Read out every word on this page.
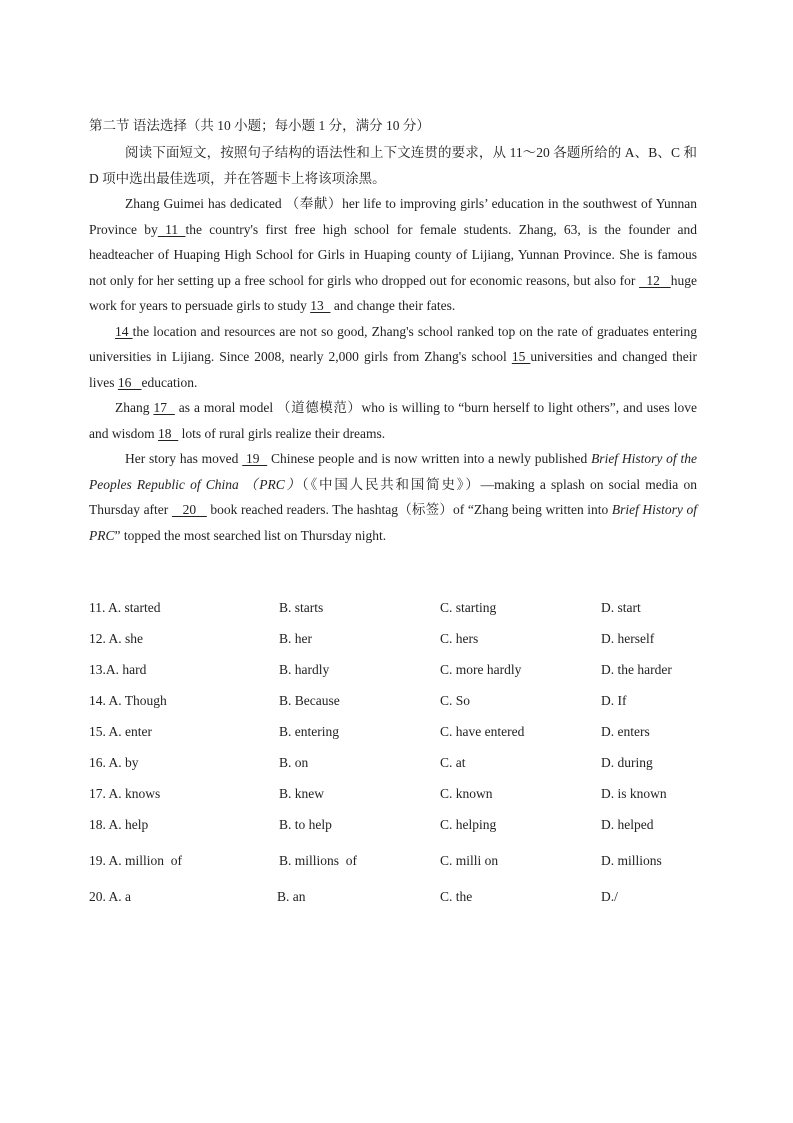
第二节 语法选择（共 10 小题；每小题 1 分，满分 10 分）

阅读下面短文，按照句子结构的语法性和上下文连贯的要求，从 11～20 各题所给的 A、B、C 和 D 项中选出最佳选项，并在答题卡上将该项涂黑。

Zhang Guimei has dedicated （奉献）her life to improving girls’ education in the southwest of Yunnan Province by 11 the country's first free high school for female students. Zhang, 63, is the founder and headteacher of Huaping High School for Girls in Huaping county of Lijiang, Yunnan Province. She is famous not only for her setting up a free school for girls who dropped out for economic reasons, but also for   12   huge work for years to persuade girls to study 13   and change their fates.

14 the location and resources are not so good, Zhang's school ranked top on the rate of graduates entering universities in Lijiang. Since 2008, nearly 2,000 girls from Zhang's school 15 universities and changed their lives 16   education.

Zhang 17   as a moral model （道德模范）who is willing to “burn herself to light others”, and uses love and wisdom 18   lots of rural girls realize their dreams.

Her story has moved  19   Chinese people and is now written into a newly published Brief History of the Peoples Republic of China （PRC）（《中国人民共和国简史》）—making a splash on social media on Thursday after    20    book reached readers. The hashtag（标签）of “Zhang being written into Brief History of PRC” topped the most searched list on Thursday night.

11. A. started	B. starts	C. starting	D. start
12. A. she	B. her	C. hers	D. herself
13.A. hard	B. hardly	C. more hardly	D. the harder
14. A. Though	B. Because	C. So	D. If
15. A. enter	B. entering	C. have entered	D. enters
16. A. by	B. on	C. at	D. during
17. A. knows	B. knew	C. known	D. is known
18. A. help	B. to help	C. helping	D. helped
19. A. million  of	B. millions  of	C. milli on	D. millions
20. A. a	B. an	C. the	D./
